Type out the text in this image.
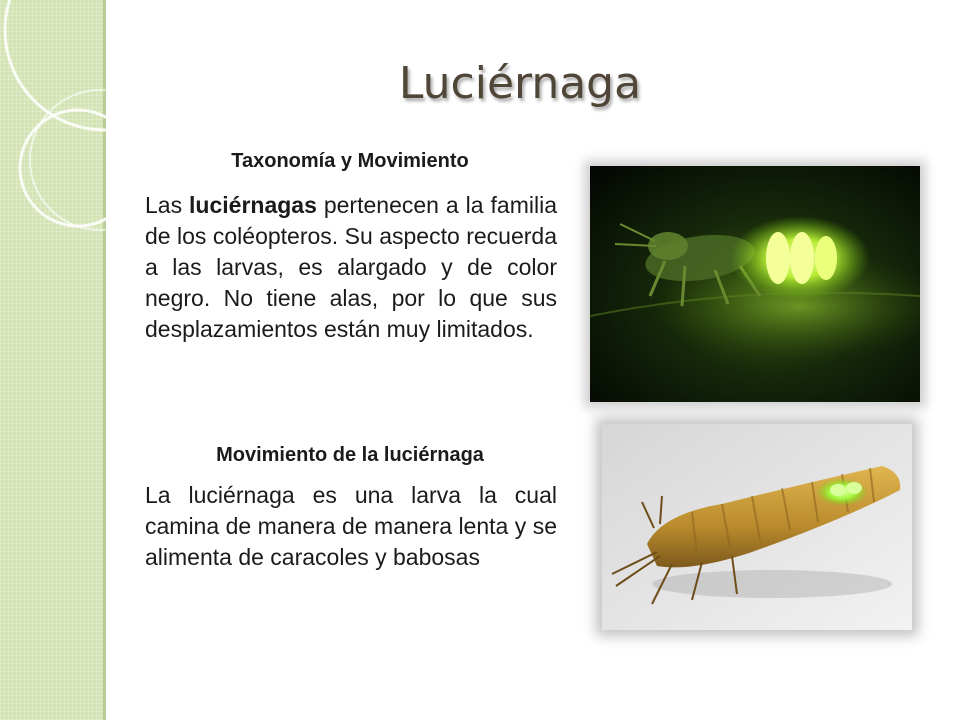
Luciérnaga
Taxonomía y Movimiento

Las luciérnagas pertenecen a la familia de los coléopteros. Su aspecto recuerda a las larvas, es alargado y de color negro. No tiene alas, por lo que sus desplazamientos están muy limitados.

Movimiento de la luciérnaga

La luciérnaga es una larva la cual camina de manera de manera lenta y se alimenta de caracoles y babosas
